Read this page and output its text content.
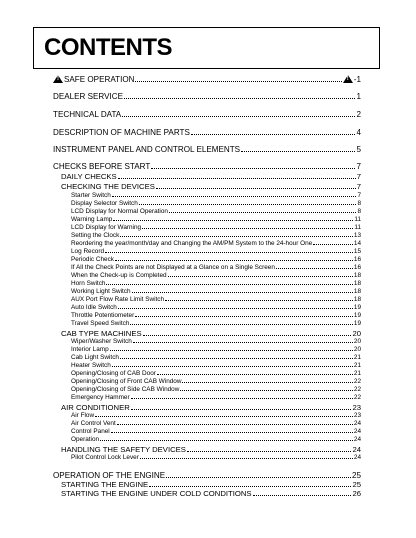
CONTENTS
!SAFE OPERATION !	-1
DEALER SERVICE	1
TECHNICAL DATA	2
DESCRIPTION OF MACHINE PARTS	4
INSTRUMENT PANEL AND CONTROL ELEMENTS	5
CHECKS BEFORE START	7
DAILY CHECKS	7
CHECKING THE DEVICES	7
Starter Switch	7
Display Selector Switch	8
LCD Display for Normal Operation	8
Warning Lamp	11
LCD Display for Warning	11
Setting the Clock	13
Reordering the year/month/day and Changing the AM/PM System to the 24-hour One	14
Log Record	15
Periodic Check	16
If All the Check Points are not Displayed at a Glance on a Single Screen	16
When the Check-up is Completed	18
Horn Switch	18
Working Light Switch	18
AUX Port Flow Rate Limit Switch	18
Auto Idle Switch	19
Throttle Potentiometer	19
Travel Speed Switch	19
CAB TYPE MACHINES	20
Wiper/Washer Switch	20
Interior Lamp	20
Cab Light Switch	21
Heater Switch	21
Opening/Closing of CAB Door	21
Opening/Closing of Front CAB Window	22
Opening/Closing of Side CAB Window	22
Emergency Hammer	22
AIR CONDITIONER	23
Air Flow	23
Air Control Vent	24
Control Panel	24
Operation	24
HANDLING THE SAFETY DEVICES	24
Pilot Control Lock Lever	24
OPERATION OF THE ENGINE	25
STARTING THE ENGINE	25
STARTING THE ENGINE UNDER COLD CONDITIONS	26
